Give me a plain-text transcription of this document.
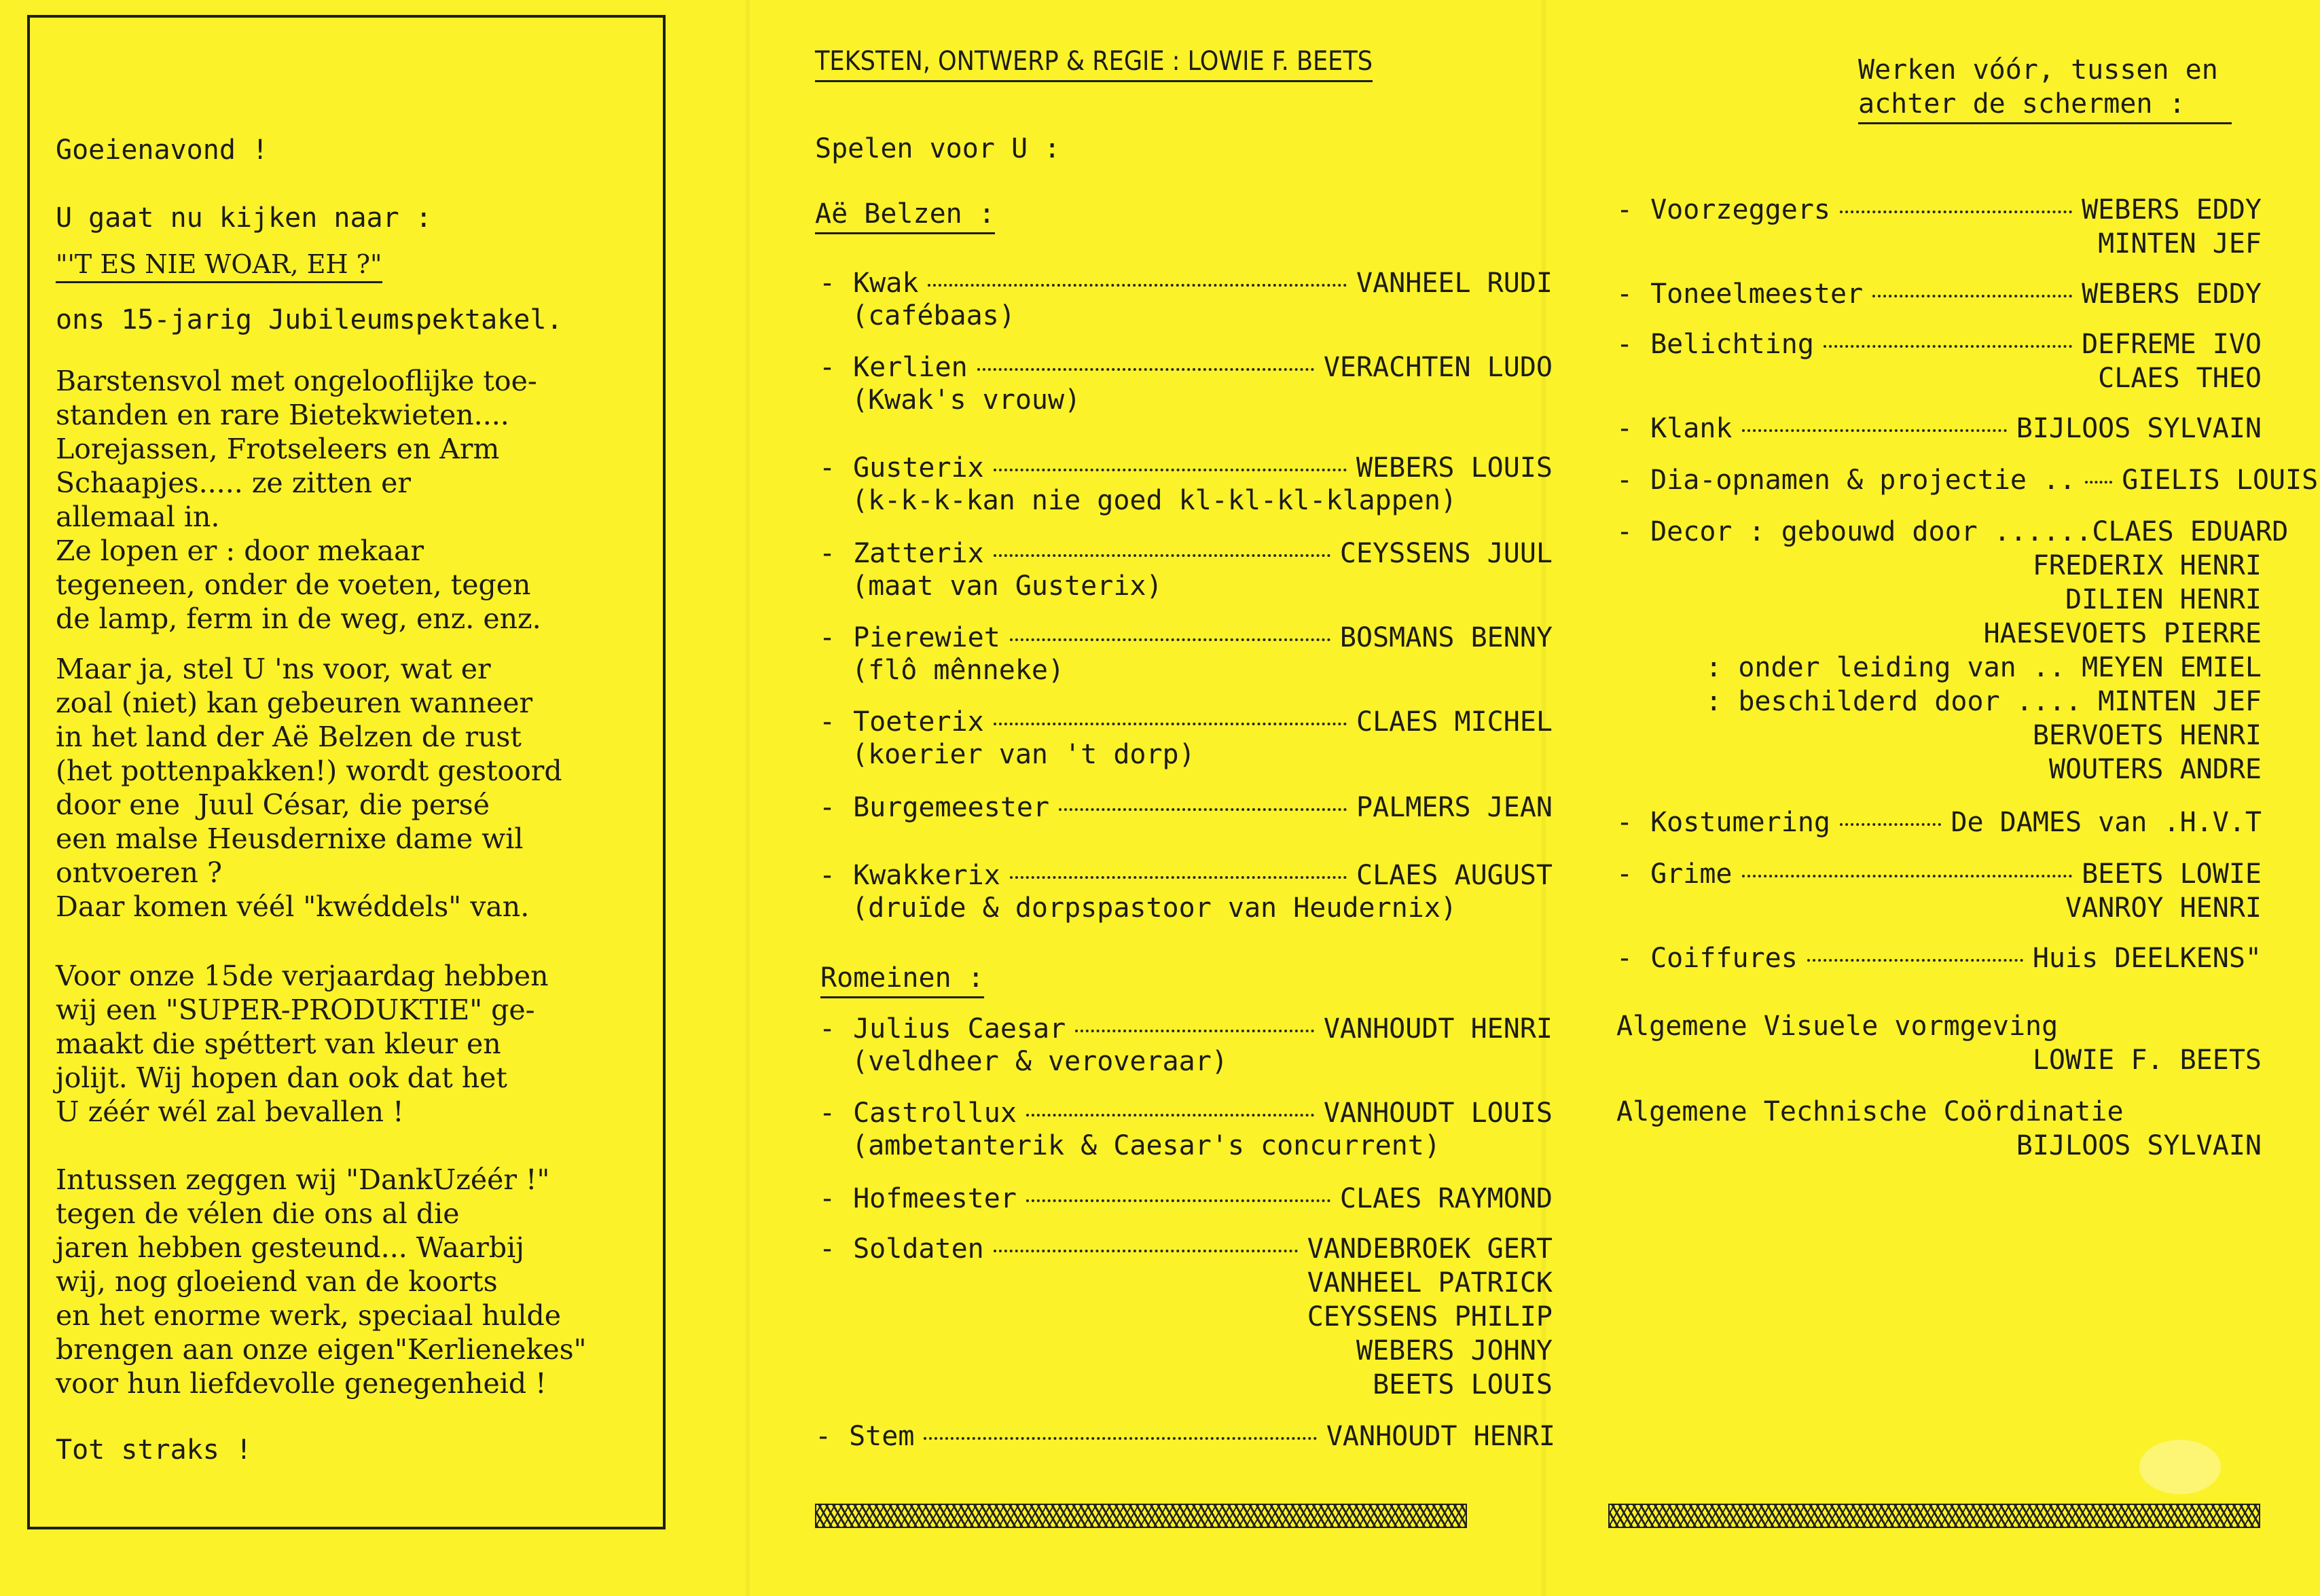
Goeienavond !
U gaat nu kijken naar :
"'T ES NIE WOAR, EH ?"
ons 15-jarig Jubileumspektakel.
Barstensvol met ongelooflijke toe-
standen en rare Bietekwieten....
Lorejassen, Frotseleers en Arm
Schaapjes..... ze zitten er
allemaal in.
Ze lopen er : door mekaar
tegeneen, onder de voeten, tegen
de lamp, ferm in de weg, enz. enz.
Maar ja, stel U 'ns voor, wat er
zoal (niet) kan gebeuren wanneer
in het land der Aë Belzen de rust
(het pottenpakken!) wordt gestoord
door ene  Juul César, die persé
een malse Heusdernixe dame wil
ontvoeren ?
Daar komen véél "kwéddels" van.
Voor onze 15de verjaardag hebben
wij een "SUPER-PRODUKTIE" ge-
maakt die spéttert van kleur en
jolijt. Wij hopen dan ook dat het
U zéér wél zal bevallen !
Intussen zeggen wij "DankUzéér !"
tegen de vélen die ons al die
jaren hebben gesteund... Waarbij
wij, nog gloeiend van de koorts
en het enorme werk, speciaal hulde
brengen aan onze eigen"Kerlienekes"
voor hun liefdevolle genegenheid !
Tot straks !
TEKSTEN, ONTWERP & REGIE : LOWIE F. BEETS
Spelen voor U :
Aë Belzen :
- Kwak	VANHEEL RUDI
(cafébaas)
- Kerlien	VERACHTEN LUDO
(Kwak's vrouw)
- Gusterix	WEBERS LOUIS
(k-k-k-kan nie goed kl-kl-kl-klappen)
- Zatterix	CEYSSENS JUUL
(maat van Gusterix)
- Pierewiet	BOSMANS BENNY
(flô mênneke)
- Toeterix	CLAES MICHEL
(koerier van 't dorp)
- Burgemeester	PALMERS JEAN
- Kwakkerix	CLAES AUGUST
(druïde & dorpspastoor van Heudernix)
Romeinen :
- Julius Caesar	VANHOUDT HENRI
(veldheer & veroveraar)
- Castrollux	VANHOUDT LOUIS
(ambetanterik & Caesar's concurrent)
- Hofmeester	CLAES RAYMOND
- Soldaten	VANDEBROEK GERT
VANHEEL PATRICK
CEYSSENS PHILIP
WEBERS JOHNY
BEETS LOUIS
- Stem	VANHOUDT HENRI
Werken vóór, tussen en
achter de schermen :
- Voorzeggers	WEBERS EDDY
MINTEN JEF
- Toneelmeester	WEBERS EDDY
- Belichting	DEFREME IVO
CLAES THEO
- Klank	BIJLOOS SYLVAIN
- Dia-opnamen & projectie .. GIELIS LOUIS
- Decor : gebouwd door ...... CLAES EDUARD
FREDERIX HENRI
DILIEN HENRI
HAESEVOETS PIERRE
: onder leiding van .. MEYEN EMIEL
: beschilderd door .... MINTEN JEF
BERVOETS HENRI
WOUTERS ANDRE
- Kostumering	De DAMES van .H.V.T
- Grime	BEETS LOWIE
VANROY HENRI
- Coiffures	Huis DEELKENS"
Algemene Visuele vormgeving
LOWIE F. BEETS
Algemene Technische Coördinatie
BIJLOOS SYLVAIN
